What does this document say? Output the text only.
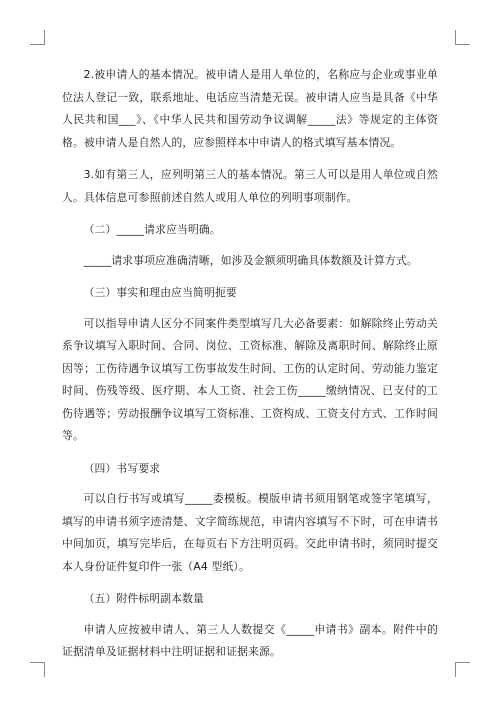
2.被申请人的基本情况。被申请人是用人单位的，名称应与企业或事业单位法人登记一致，联系地址、电话应当清楚无误。被申请人应当是具备《中华人民共和国___》、《中华人民共和国劳动争议调解_____法》等规定的主体资格。被申请人是自然人的，应参照样本中申请人的格式填写基本情况。

3.如有第三人，应列明第三人的基本情况。第三人可以是用人单位或自然人。具体信息可参照前述自然人或用人单位的列明事项制作。

（二）_____请求应当明确。

_____请求事项应准确清晰，如涉及金额须明确具体数额及计算方式。

（三）事实和理由应当简明扼要

可以指导申请人区分不同案件类型填写几大必备要素：如解除终止劳动关系争议填写入职时间、合同、岗位、工资标准、解除及离职时间、解除终止原因等；工伤待遇争议填写工伤事故发生时间、工伤的认定时间、劳动能力鉴定时间、伤残等级、医疗期、本人工资、社会工伤_____缴纳情况、已支付的工伤待遇等；劳动报酬争议填写工资标准、工资构成、工资支付方式、工作时间等。

（四）书写要求

可以自行书写或填写_____委模板。模版申请书须用钢笔或签字笔填写，填写的申请书须字迹清楚、文字简练规范，申请内容填写不下时，可在申请书中间加页，填写完毕后，在每页右下方注明页码。交此申请书时，须同时提交本人身份证件复印件一张（A4 型纸）。

（五）附件标明副本数量

申请人应按被申请人、第三人人数提交《_____申请书》副本。附件中的证据清单及证据材料中注明证据和证据来源。
